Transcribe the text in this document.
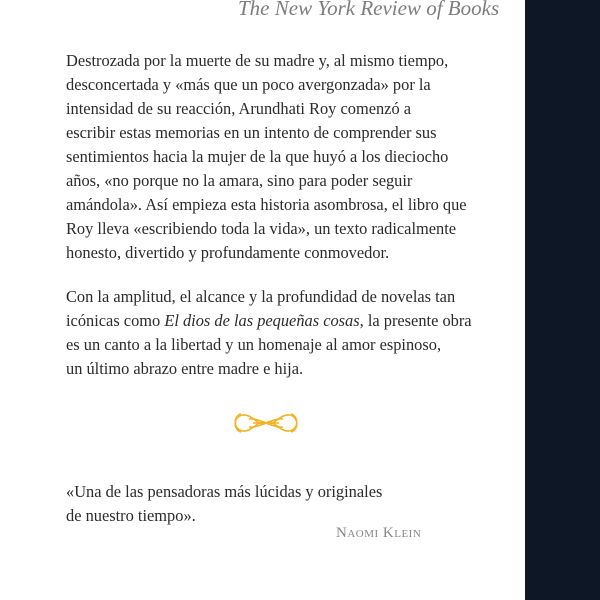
The New York Review of Books
Destrozada por la muerte de su madre y, al mismo tiempo,
desconcertada y «más que un poco avergonzada» por la
intensidad de su reacción, Arundhati Roy comenzó a
escribir estas memorias en un intento de comprender sus
sentimientos hacia la mujer de la que huyó a los dieciocho
años, «no porque no la amara, sino para poder seguir
amándola». Así empieza esta historia asombrosa, el libro que
Roy lleva «escribiendo toda la vida», un texto radicalmente
honesto, divertido y profundamente conmovedor.
Con la amplitud, el alcance y la profundidad de novelas tan
icónicas como El dios de las pequeñas cosas, la presente obra
es un canto a la libertad y un homenaje al amor espinoso,
un último abrazo entre madre e hija.
«Una de las pensadoras más lúcidas y originales
de nuestro tiempo».
Naomi Klein
